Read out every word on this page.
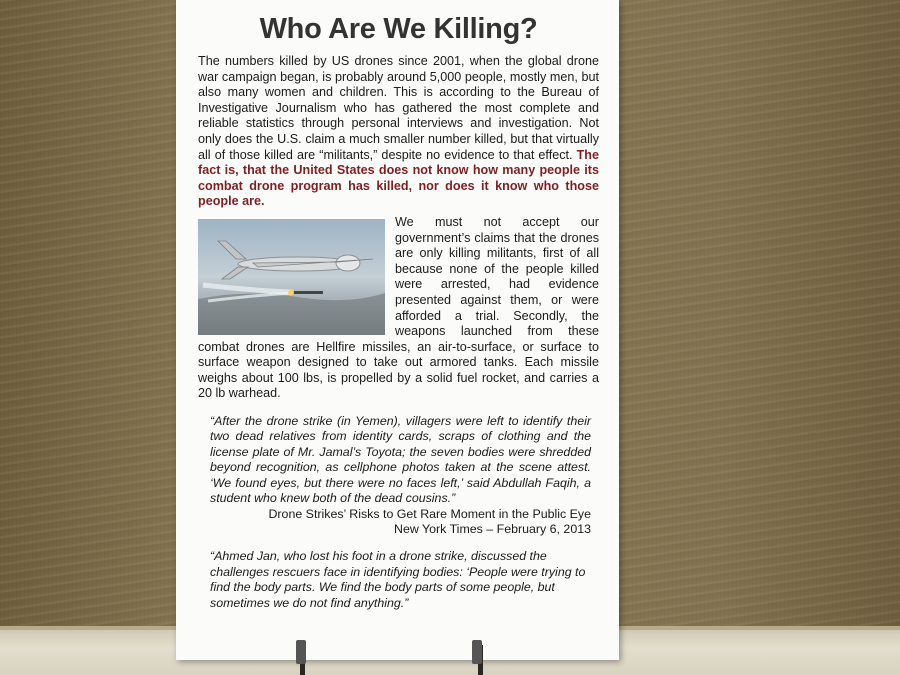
Who Are We Killing?
The numbers killed by US drones since 2001, when the global drone war campaign began, is probably around 5,000 people, mostly men, but also many women and children. This is according to the Bureau of Investigative Journalism who has gathered the most complete and reliable statistics through personal interviews and investigation. Not only does the U.S. claim a much smaller number killed, but that virtually all of those killed are “militants,” despite no evidence to that effect. The fact is, that the United States does not know how many people its combat drone program has killed, nor does it know who those people are.
We must not accept our government’s claims that the drones are only killing militants, first of all because none of the people killed were arrested, had evidence presented against them, or were afforded a trial. Secondly, the weapons launched from these combat drones are Hellfire missiles, an air-to-surface, or surface to surface weapon designed to take out armored tanks. Each missile weighs about 100 lbs, is propelled by a solid fuel rocket, and carries a 20 lb warhead.
“After the drone strike (in Yemen), villagers were left to identify their two dead relatives from identity cards, scraps of clothing and the license plate of Mr. Jamal’s Toyota; the seven bodies were shredded beyond recognition, as cellphone photos taken at the scene attest. ‘We found eyes, but there were no faces left,’ said Abdullah Faqih, a student who knew both of the dead cousins.”
Drone Strikes’ Risks to Get Rare Moment in the Public Eye
New York Times – February 6, 2013
“Ahmed Jan, who lost his foot in a drone strike, discussed the challenges rescuers face in identifying bodies: ‘People were trying to find the body parts. We find the body parts of some people, but sometimes we do not find anything.”
